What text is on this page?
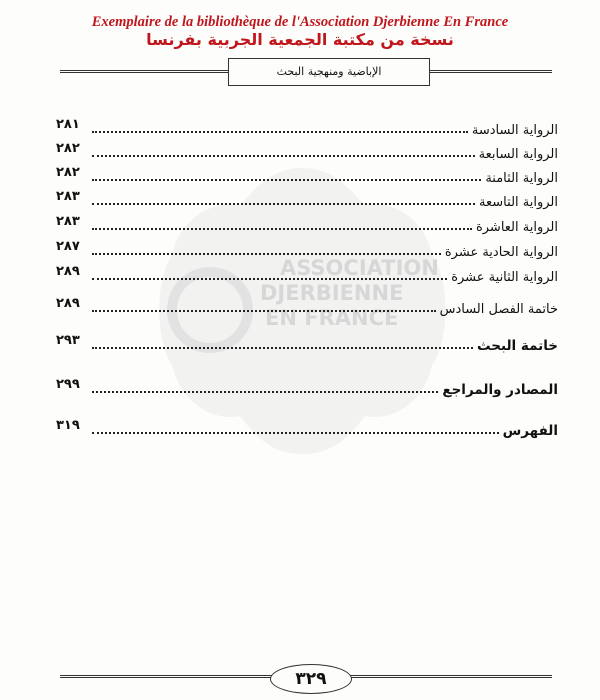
Exemplaire de la bibliothèque de l'Association Djerbienne En France
نسخة من مكتبة الجمعية الجربية بفرنسا
الإباضية ومنهجية البحث
ASSOCIATION
DJERBIENNE
EN FRANCE
الرواية السادسة
٢٨١
الرواية السابعة
٢٨٢
الرواية الثامنة
٢٨٢
الرواية التاسعة
٢٨٣
الرواية العاشرة
٢٨٣
الرواية الحادية عشرة
٢٨٧
الرواية الثانية عشرة
٢٨٩
خاتمة الفصل السادس
٢٨٩
خاتمة البحث
٢٩٣
المصادر والمراجع
٢٩٩
الفهرس
٣١٩
٣٢٩
